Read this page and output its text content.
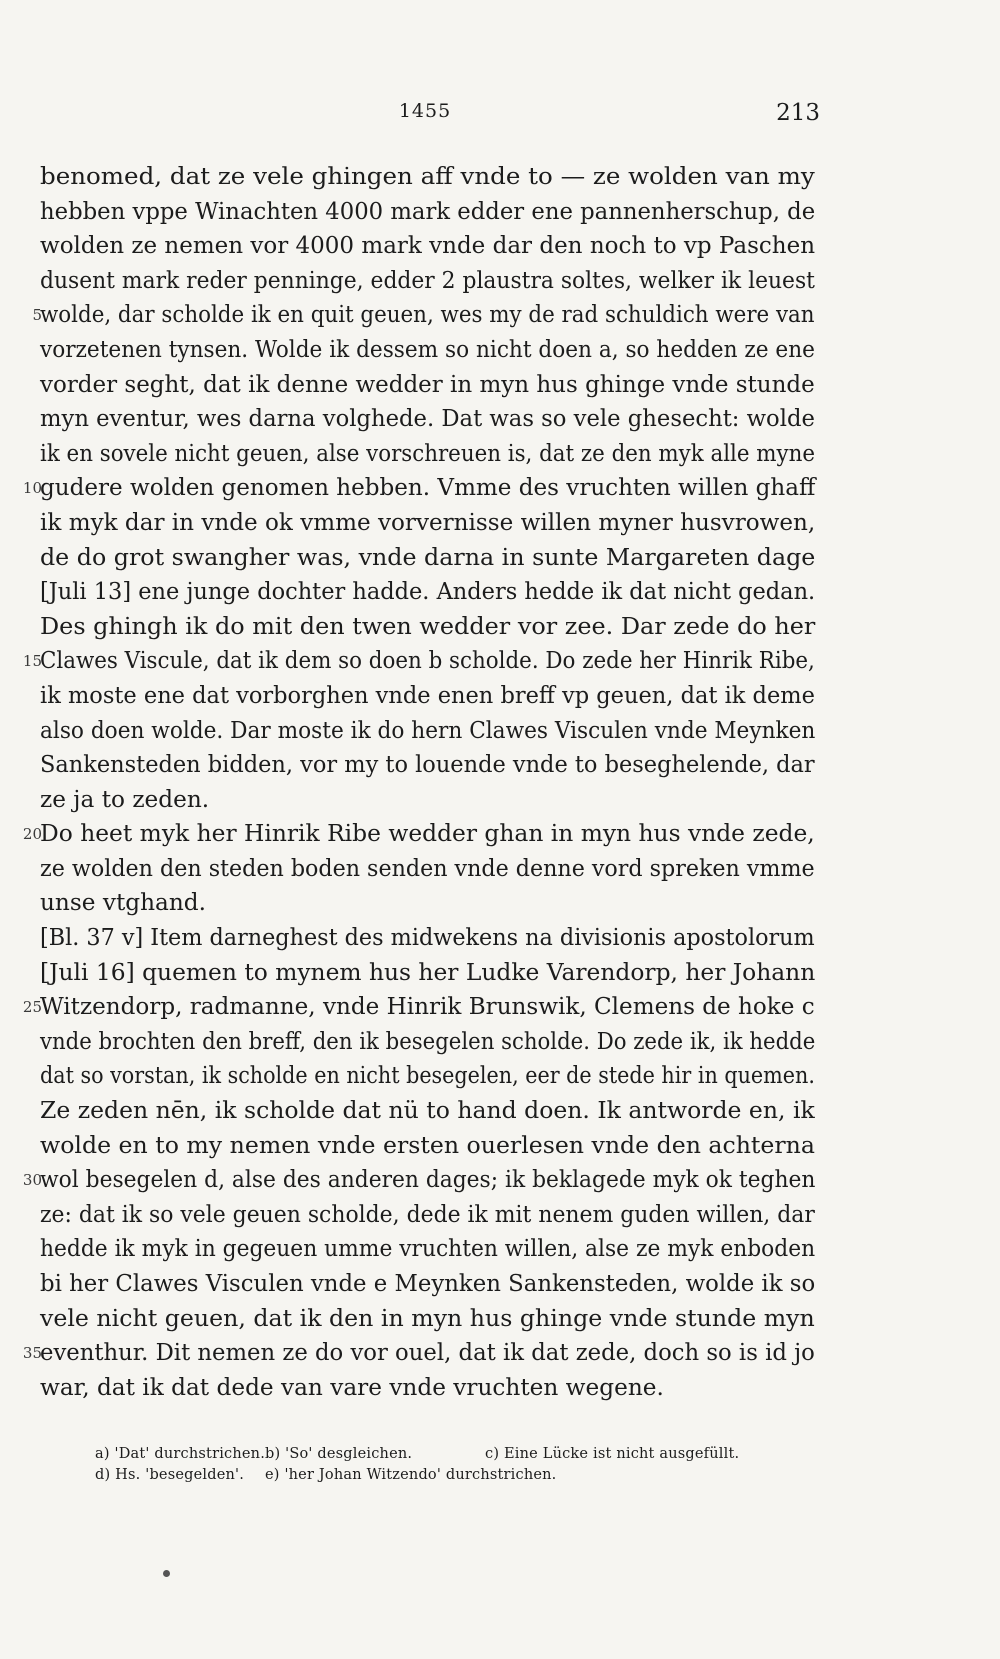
1455	213
benomed, dat ze vele ghingen aff vnde to — ze wolden van my
hebben vppe Winachten 4000 mark edder ene pannenherschup, de
wolden ze nemen vor 4000 mark vnde dar den noch to vp Paschen
dusent mark reder penninge, edder 2 plaustra soltes, welker ik leuest
5
wolde, dar scholde ik en quit geuen, wes my de rad schuldich were van
vorzetenen tynsen. Wolde ik dessem so nicht doen a, so hedden ze ene
vorder seght, dat ik denne wedder in myn hus ghinge vnde stunde
myn eventur, wes darna volghede. Dat was so vele ghesecht: wolde
ik en sovele nicht geuen, alse vorschreuen is, dat ze den myk alle myne
10
gudere wolden genomen hebben. Vmme des vruchten willen ghaff
ik myk dar in vnde ok vmme vorvernisse willen myner husvrowen,
de do grot swangher was, vnde darna in sunte Margareten dage
[Juli 13] ene junge dochter hadde. Anders hedde ik dat nicht gedan.
Des ghingh ik do mit den twen wedder vor zee. Dar zede do her
15
Clawes Viscule, dat ik dem so doen b scholde. Do zede her Hinrik Ribe,
ik moste ene dat vorborghen vnde enen breff vp geuen, dat ik deme
also doen wolde. Dar moste ik do hern Clawes Visculen vnde Meynken
Sankensteden bidden, vor my to louende vnde to beseghelende, dar
ze ja to zeden.
20
Do heet myk her Hinrik Ribe wedder ghan in myn hus vnde zede,
ze wolden den steden boden senden vnde denne vord spreken vmme
unse vtghand.
[Bl. 37 v] Item darneghest des midwekens na divisionis apostolorum
[Juli 16] quemen to mynem hus her Ludke Varendorp, her Johann
25
Witzendorp, radmanne, vnde Hinrik Brunswik, Clemens de hoke c
vnde brochten den breff, den ik besegelen scholde. Do zede ik, ik hedde
dat so vorstan, ik scholde en nicht besegelen, eer de stede hir in quemen.
Ze zeden nēn, ik scholde dat nü to hand doen. Ik antworde en, ik
wolde en to my nemen vnde ersten ouerlesen vnde den achterna
30
wol besegelen d, alse des anderen dages; ik beklagede myk ok teghen
ze: dat ik so vele geuen scholde, dede ik mit nenem guden willen, dar
hedde ik myk in gegeuen umme vruchten willen, alse ze myk enboden
bi her Clawes Visculen vnde e Meynken Sankensteden, wolde ik so
vele nicht geuen, dat ik den in myn hus ghinge vnde stunde myn
35
eventhur. Dit nemen ze do vor ouel, dat ik dat zede, doch so is id jo
war, dat ik dat dede van vare vnde vruchten wegene.
a) 'Dat' durchstrichen.b) 'So' desgleichen.	c) Eine Lücke ist nicht ausgefüllt.
d) Hs. 'besegelden'. e) 'her Johan Witzendo' durchstrichen.
